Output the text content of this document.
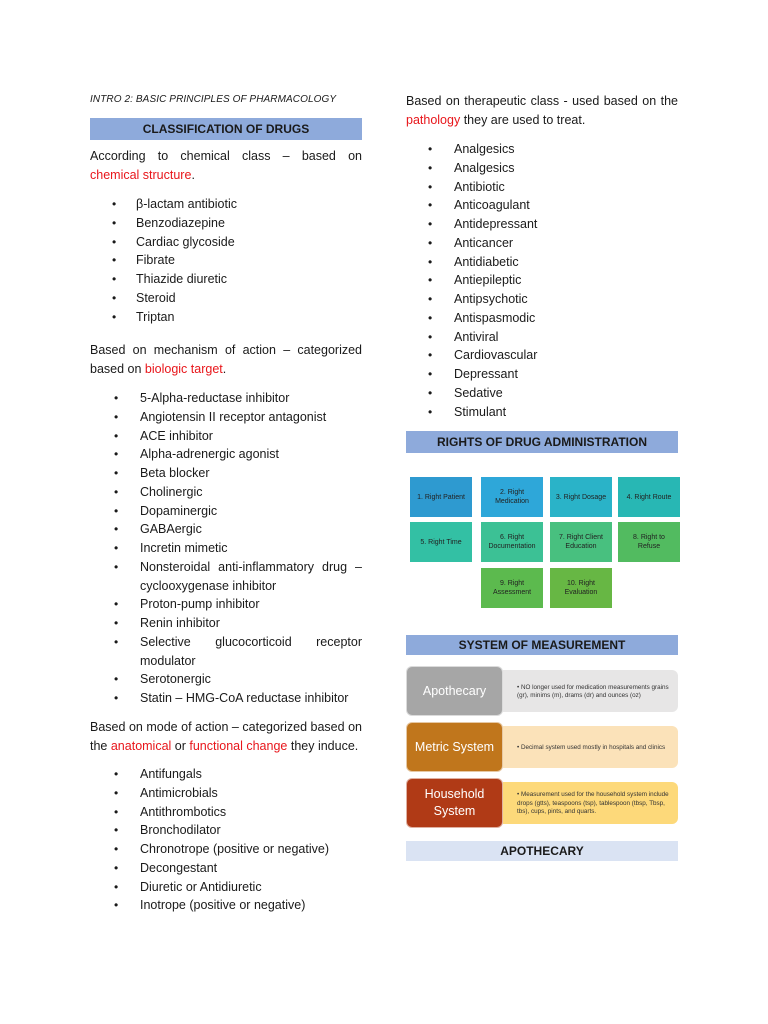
INTRO 2: BASIC PRINCIPLES OF PHARMACOLOGY
CLASSIFICATION OF DRUGS
According to chemical class – based on chemical structure.
• β-lactam antibiotic
• Benzodiazepine
• Cardiac glycoside
• Fibrate
• Thiazide diuretic
• Steroid
• Triptan
Based on mechanism of action – categorized based on biologic target.
• 5-Alpha-reductase inhibitor
• Angiotensin II receptor antagonist
• ACE inhibitor
• Alpha-adrenergic agonist
• Beta blocker
• Cholinergic
• Dopaminergic
• GABAergic
• Incretin mimetic
• Nonsteroidal anti-inflammatory drug – cyclooxygenase inhibitor
• Proton-pump inhibitor
• Renin inhibitor
• Selective glucocorticoid receptor modulator
• Serotonergic
• Statin – HMG-CoA reductase inhibitor
Based on mode of action – categorized based on the anatomical or functional change they induce.
• Antifungals
• Antimicrobials
• Antithrombotics
• Bronchodilator
• Chronotrope (positive or negative)
• Decongestant
• Diuretic or Antidiuretic
• Inotrope (positive or negative)
Based on therapeutic class - used based on the pathology they are used to treat.
• Analgesics
• Analgesics
• Antibiotic
• Anticoagulant
• Antidepressant
• Anticancer
• Antidiabetic
• Antiepileptic
• Antipsychotic
• Antispasmodic
• Antiviral
• Cardiovascular
• Depressant
• Sedative
• Stimulant
RIGHTS OF DRUG ADMINISTRATION
1. Right Patient
2. Right Medication
3. Right Dosage	4. Right Route
5. Right Time
6. Right Documentation
7. Right Client Education
8. Right to Refuse
9. Right Assessment
10. Right Evaluation
SYSTEM OF MEASUREMENT
• NO longer used for medication measurements grains (gr), minims (m), drams (dr) and ounces (oz)
Apothecary
• Decimal system used mostly in hospitals and clinics
Metric System
• Measurement used for the household system include drops (gtts), teaspoons (tsp), tablespoon (tbsp, Tbsp, tbs), cups, pints, and quarts.
Household System
APOTHECARY
